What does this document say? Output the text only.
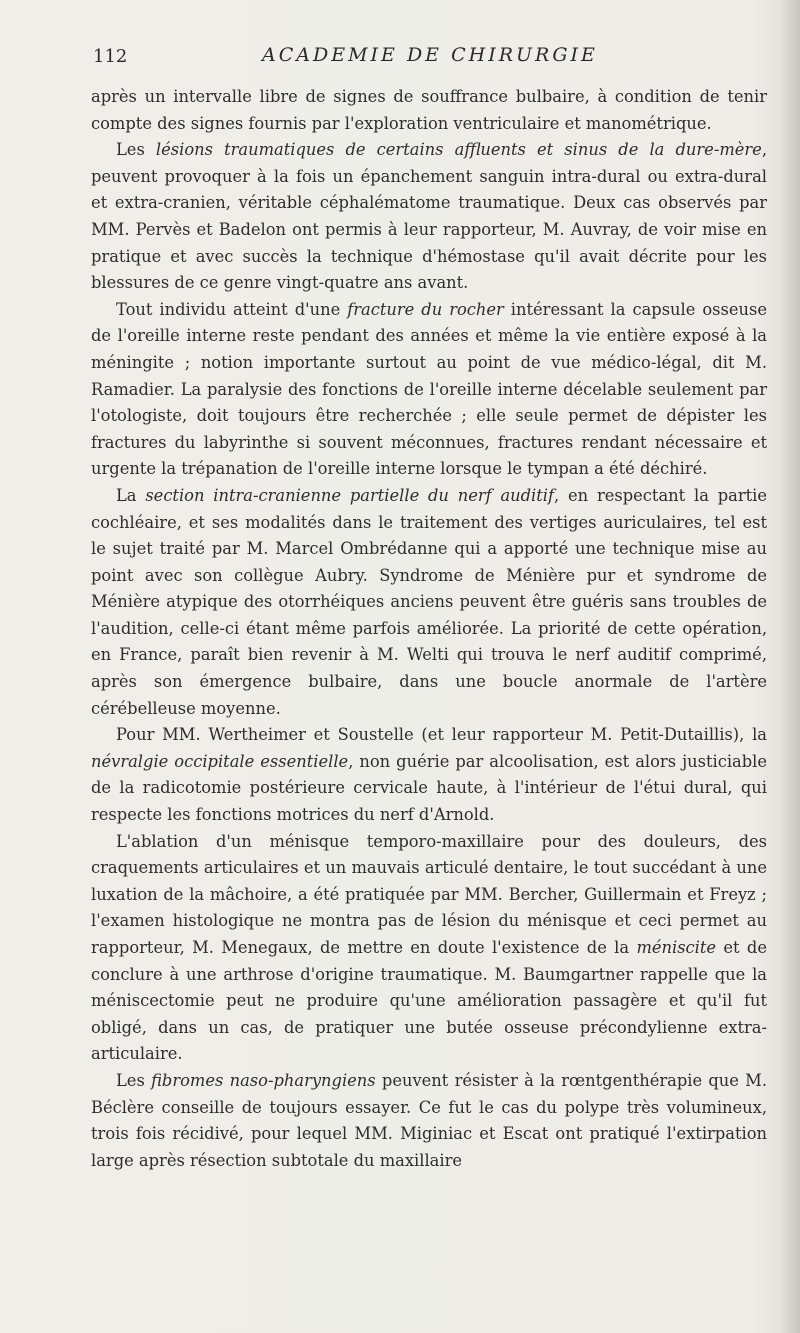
112	ACADEMIE DE CHIRURGIE

après un intervalle libre de signes de souffrance bulbaire, à condition de tenir compte des signes fournis par l'exploration ventriculaire et manométrique.

Les lésions traumatiques de certains affluents et sinus de la dure-mère, peuvent provoquer à la fois un épanchement sanguin intra-dural ou extra-dural et extra-cranien, véritable céphalématome traumatique. Deux cas observés par MM. Pervès et Badelon ont permis à leur rapporteur, M. Auvray, de voir mise en pratique et avec succès la technique d'hémostase qu'il avait décrite pour les blessures de ce genre vingt-quatre ans avant.

Tout individu atteint d'une fracture du rocher intéressant la capsule osseuse de l'oreille interne reste pendant des années et même la vie entière exposé à la méningite ; notion importante surtout au point de vue médico-légal, dit M. Ramadier. La paralysie des fonctions de l'oreille interne décelable seulement par l'otologiste, doit toujours être recherchée ; elle seule permet de dépister les fractures du labyrinthe si souvent méconnues, fractures rendant nécessaire et urgente la trépanation de l'oreille interne lorsque le tympan a été déchiré.

La section intra-cranienne partielle du nerf auditif, en respectant la partie cochléaire, et ses modalités dans le traitement des vertiges auriculaires, tel est le sujet traité par M. Marcel Ombrédanne qui a apporté une technique mise au point avec son collègue Aubry. Syndrome de Ménière pur et syndrome de Ménière atypique des otorrhéiques anciens peuvent être guéris sans troubles de l'audition, celle-ci étant même parfois améliorée. La priorité de cette opération, en France, paraît bien revenir à M. Welti qui trouva le nerf auditif comprimé, après son émergence bulbaire, dans une boucle anormale de l'artère cérébelleuse moyenne.

Pour MM. Wertheimer et Soustelle (et leur rapporteur M. Petit-Dutaillis), la névralgie occipitale essentielle, non guérie par alcoolisation, est alors justiciable de la radicotomie postérieure cervicale haute, à l'intérieur de l'étui dural, qui respecte les fonctions motrices du nerf d'Arnold.

L'ablation d'un ménisque temporo-maxillaire pour des douleurs, des craquements articulaires et un mauvais articulé dentaire, le tout succédant à une luxation de la mâchoire, a été pratiquée par MM. Bercher, Guillermain et Freyz ; l'examen histologique ne montra pas de lésion du ménisque et ceci permet au rapporteur, M. Menegaux, de mettre en doute l'existence de la méniscite et de conclure à une arthrose d'origine traumatique. M. Baumgartner rappelle que la méniscectomie peut ne produire qu'une amélioration passagère et qu'il fut obligé, dans un cas, de pratiquer une butée osseuse précondylienne extra-articulaire.

Les fibromes naso-pharyngiens peuvent résister à la rœntgenthérapie que M. Béclère conseille de toujours essayer. Ce fut le cas du polype très volumineux, trois fois récidivé, pour lequel MM. Miginiac et Escat ont pratiqué l'extirpation large après résection subtotale du maxillaire
